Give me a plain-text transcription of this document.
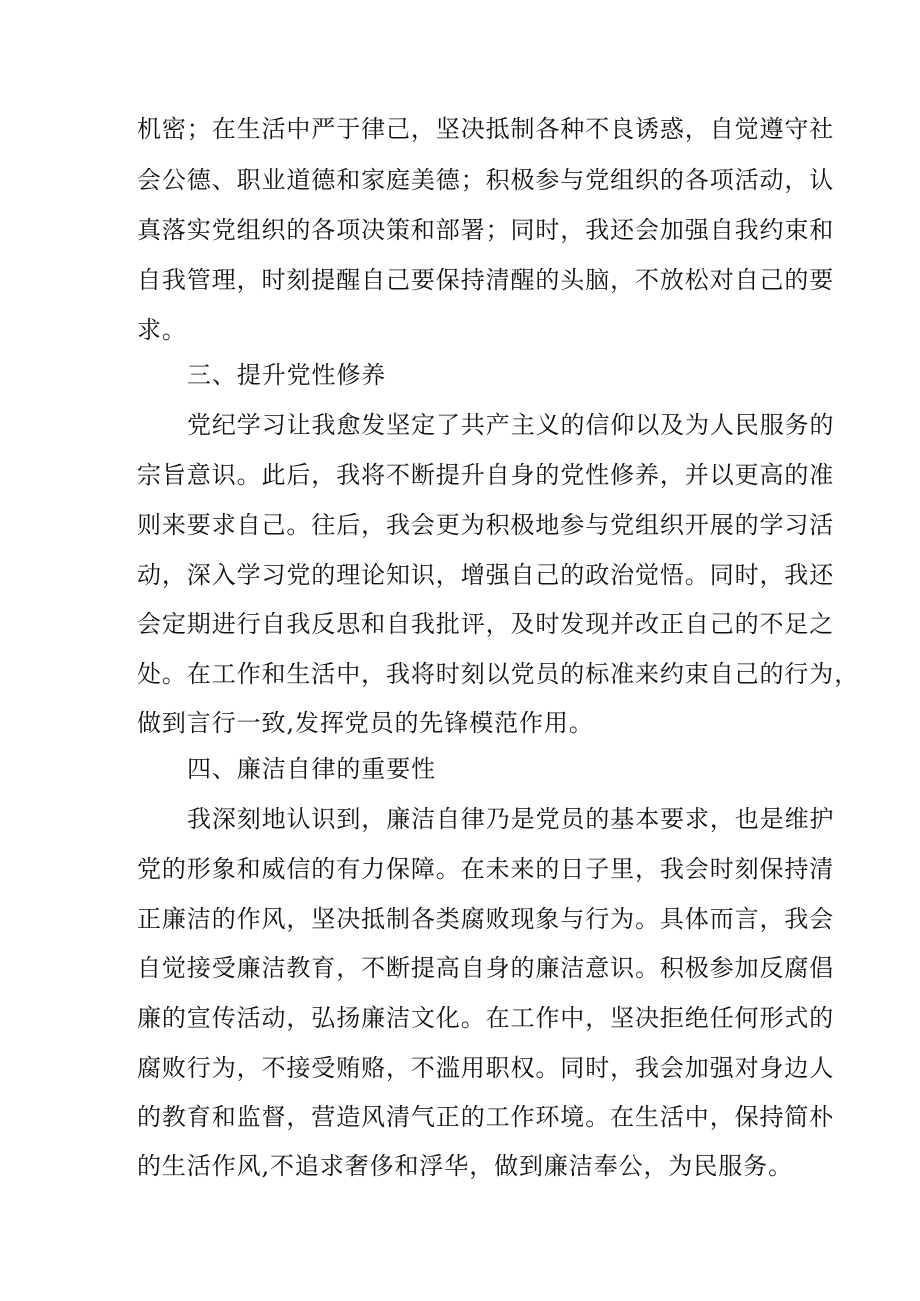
机密；在生活中严于律己，坚决抵制各种不良诱惑，自觉遵守社

会公德、职业道德和家庭美德；积极参与党组织的各项活动，认

真落实党组织的各项决策和部署；同时，我还会加强自我约束和

自我管理，时刻提醒自己要保持清醒的头脑，不放松对自己的要

求。

三、提升党性修养

党纪学习让我愈发坚定了共产主义的信仰以及为人民服务的

宗旨意识。此后，我将不断提升自身的党性修养，并以更高的准

则来要求自己。往后，我会更为积极地参与党组织开展的学习活

动，深入学习党的理论知识，增强自己的政治觉悟。同时，我还

会定期进行自我反思和自我批评，及时发现并改正自己的不足之

处。在工作和生活中，我将时刻以党员的标准来约束自己的行为，

做到言行一致,发挥党员的先锋模范作用。

四、廉洁自律的重要性

我深刻地认识到，廉洁自律乃是党员的基本要求，也是维护

党的形象和威信的有力保障。在未来的日子里，我会时刻保持清

正廉洁的作风，坚决抵制各类腐败现象与行为。具体而言，我会

自觉接受廉洁教育，不断提高自身的廉洁意识。积极参加反腐倡

廉的宣传活动，弘扬廉洁文化。在工作中，坚决拒绝任何形式的

腐败行为，不接受贿赂，不滥用职权。同时，我会加强对身边人

的教育和监督，营造风清气正的工作环境。在生活中，保持简朴

的生活作风,不追求奢侈和浮华，做到廉洁奉公，为民服务。
